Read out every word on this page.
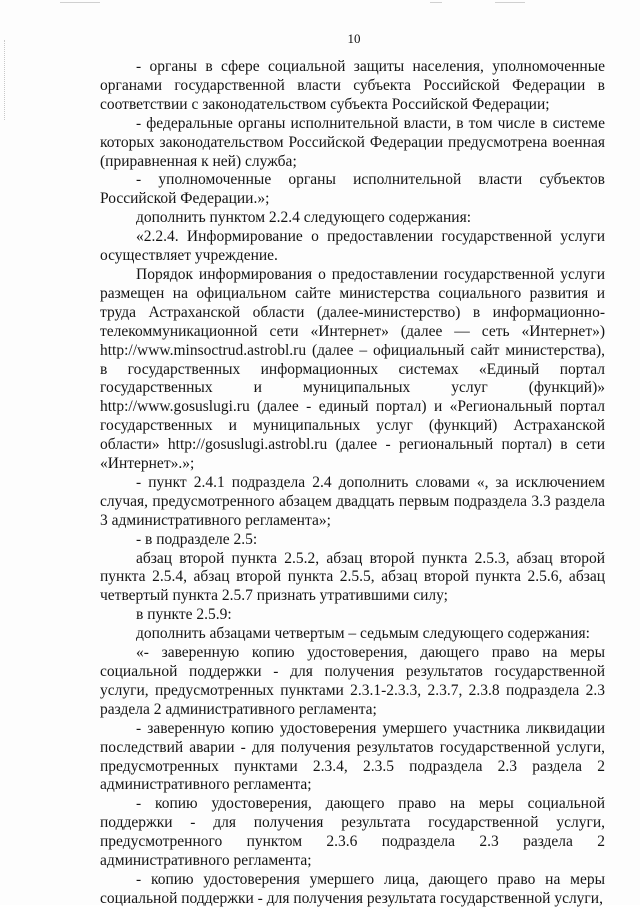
10

- органы в сфере социальной защиты населения, уполномоченные органами государственной власти субъекта Российской Федерации в соответствии с законодательством субъекта Российской Федерации;

- федеральные органы исполнительной власти, в том числе в системе которых законодательством Российской Федерации предусмотрена военная (приравненная к ней) служба;

- уполномоченные органы исполнительной власти субъектов Российской Федерации.»;

дополнить пунктом 2.2.4 следующего содержания:

«2.2.4. Информирование о предоставлении государственной услуги осуществляет учреждение.

Порядок информирования о предоставлении государственной услуги размещен на официальном сайте министерства социального развития и труда Астраханской области (далее-министерство) в информационно-телекоммуникационной сети «Интернет» (далее — сеть «Интернет») http://www.minsoctrud.astrobl.ru (далее – официальный сайт министерства), в государственных информационных системах «Единый портал государственных и муниципальных услуг (функций)» http://www.gosuslugi.ru (далее - единый портал) и «Региональный портал государственных и муниципальных услуг (функций) Астраханской области» http://gosuslugi.astrobl.ru (далее - региональный портал) в сети «Интернет».»;

- пункт 2.4.1 подраздела 2.4 дополнить словами «, за исключением случая, предусмотренного абзацем двадцать первым подраздела 3.3 раздела 3 административного регламента»;

- в подразделе 2.5:

абзац второй пункта 2.5.2, абзац второй пункта 2.5.3, абзац второй пункта 2.5.4, абзац второй пункта 2.5.5, абзац второй пункта 2.5.6, абзац четвертый пункта 2.5.7 признать утратившими силу;

в пункте 2.5.9:

дополнить абзацами четвертым – седьмым следующего содержания:

«- заверенную копию удостоверения, дающего право на меры социальной поддержки - для получения результатов государственной услуги, предусмотренных пунктами 2.3.1-2.3.3, 2.3.7, 2.3.8 подраздела 2.3 раздела 2 административного регламента;

- заверенную копию удостоверения умершего участника ликвидации последствий аварии - для получения результатов государственной услуги, предусмотренных пунктами 2.3.4, 2.3.5 подраздела 2.3 раздела 2 административного регламента;

- копию удостоверения, дающего право на меры социальной поддержки - для получения результата государственной услуги, предусмотренного пунктом 2.3.6 подраздела 2.3 раздела 2 административного регламента;

- копию удостоверения умершего лица, дающего право на меры социальной поддержки - для получения результата государственной услуги,
